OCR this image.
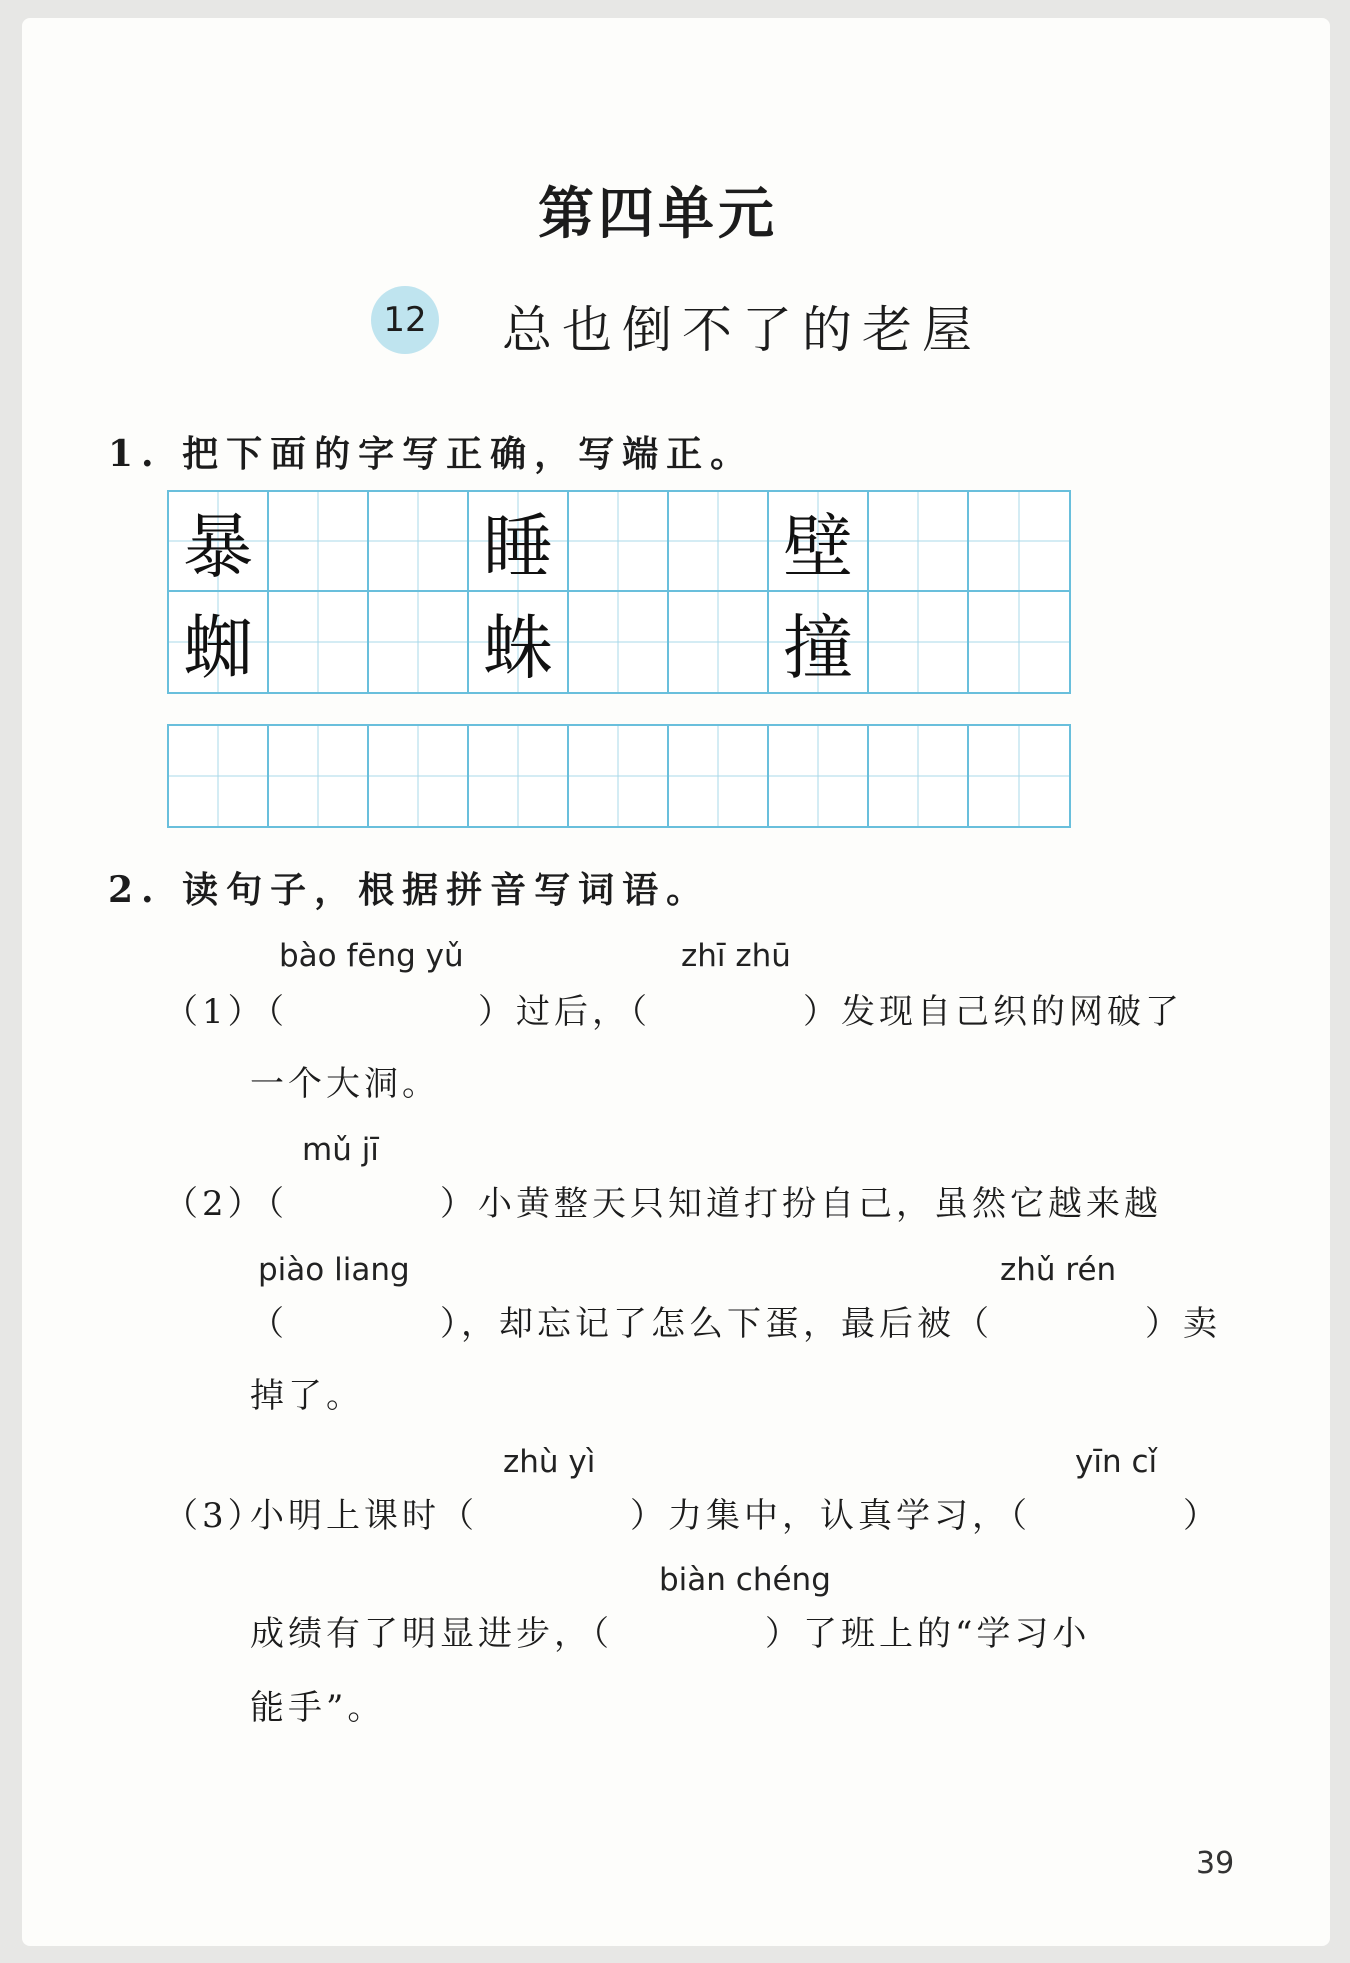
第四单元
12 总也倒不了的老屋
1. 把下面的字写正确，写端正。
暴	睡	壁
蜘	蛛	撞
2. 读句子，根据拼音写词语。
bào fēng yǔ	zhī zhū
（1）
（　　　　　）过后，（　　　　）发现自己织的网破了
一个大洞。
mǔ jī
（2）
（　　　　）小黄整天只知道打扮自己，虽然它越来越
piào liang	zhǔ rén
（　　　　），却忘记了怎么下蛋，最后被（　　　　）卖
掉了。
zhù yì	yīn cǐ
（3）
小明上课时（　　　　）力集中，认真学习，（　　　　）
biàn chéng
成绩有了明显进步，（　　　　）了班上的“学习小
能手”。
39
